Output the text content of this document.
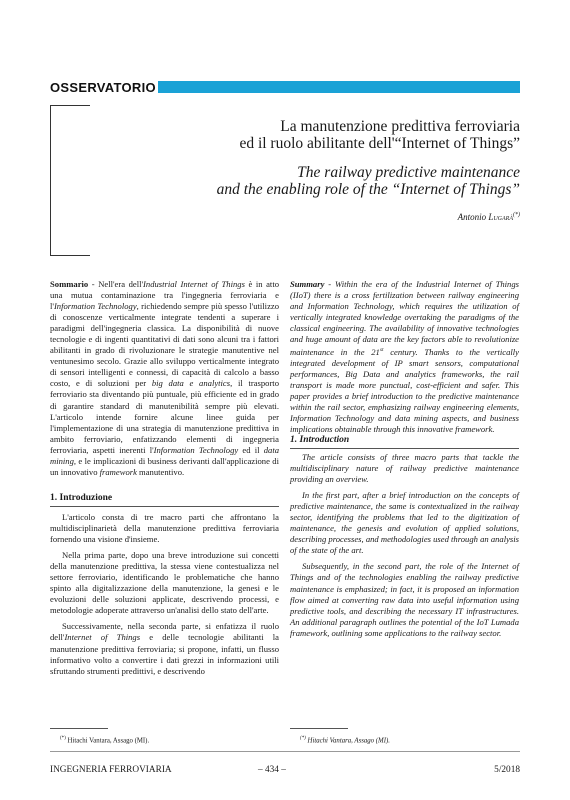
OSSERVATORIO
La manutenzione predittiva ferroviaria
ed il ruolo abilitante dell'“Internet of Things”
The railway predictive maintenance
and the enabling role of the “Internet of Things”
Antonio Lugarà(*)

Sommario - Nell'era dell'Industrial Internet of Things è in atto una mutua contaminazione tra l'ingegneria ferroviaria e l'Information Technology, richiedendo sempre più spesso l'utilizzo di conoscenze verticalmente integrate tendenti a superare i paradigmi dell'ingegneria classica. La disponibilità di nuove tecnologie e di ingenti quantitativi di dati sono alcuni tra i fattori abilitanti in grado di rivoluzionare le strategie manutentive nel ventunesimo secolo. Grazie allo sviluppo verticalmente integrato di sensori intelligenti e connessi, di capacità di calcolo a basso costo, e di soluzioni per big data e analytics, il trasporto ferroviario sta diventando più puntuale, più efficiente ed in grado di garantire standard di manutenibilità sempre più elevati. L'articolo intende fornire alcune linee guida per l'implementazione di una strategia di manutenzione predittiva in ambito ferroviario, enfatizzando elementi di ingegneria ferroviaria, aspetti inerenti l'Information Technology ed il data mining, e le implicazioni di business derivanti dall'applicazione di un innovativo framework manutentivo.

Summary - Within the era of the Industrial Internet of Things (IIoT) there is a cross fertilization between railway engineering and Information Technology, which requires the utilization of vertically integrated knowledge overtaking the paradigms of the classical engineering. The availability of innovative technologies and huge amount of data are the key factors able to revolutionize maintenance in the 21st century. Thanks to the vertically integrated development of IP smart sensors, computational performances, Big Data and analytics frameworks, the rail transport is made more punctual, cost-efficient and safer. This paper provides a brief introduction to the predictive maintenance within the rail sector, emphasizing railway engineering elements, Information Technology and data mining aspects, and business implications obtainable through this innovative framework.

1. Introduzione
1. Introduction

L'articolo consta di tre macro parti che affrontano la multidisciplinarietà della manutenzione predittiva ferroviaria fornendo una visione d'insieme.

Nella prima parte, dopo una breve introduzione sui concetti della manutenzione predittiva, la stessa viene contestualizza nel settore ferroviario, identificando le problematiche che hanno spinto alla digitalizzazione della manutenzione, la genesi e le evoluzioni delle soluzioni applicate, descrivendo processi, e metodologie adoperate attraverso un'analisi dello stato dell'arte.

Successivamente, nella seconda parte, si enfatizza il ruolo dell'Internet of Things e delle tecnologie abilitanti la manutenzione predittiva ferroviaria; si propone, infatti, un flusso informativo volto a convertire i dati grezzi in informazioni utili sfruttando strumenti predittivi, e descrivendo

The article consists of three macro parts that tackle the multidisciplinary nature of railway predictive maintenance providing an overview.

In the first part, after a brief introduction on the concepts of predictive maintenance, the same is contextualized in the railway sector, identifying the problems that led to the digitization of maintenance, the genesis and evolution of applied solutions, describing processes, and methodologies used through an analysis of the state of the art.

Subsequently, in the second part, the role of the Internet of Things and of the technologies enabling the railway predictive maintenance is emphasized; in fact, it is proposed an information flow aimed at converting raw data into useful information using predictive tools, and describing the necessary IT infrastructures. An additional paragraph outlines the potential of the IoT Lumada framework, outlining some applications to the railway sector.

(*) Hitachi Vantara, Assago (MI).	(*) Hitachi Vantara, Assago (MI).
INGEGNERIA FERROVIARIA	– 434 –	5/2018
